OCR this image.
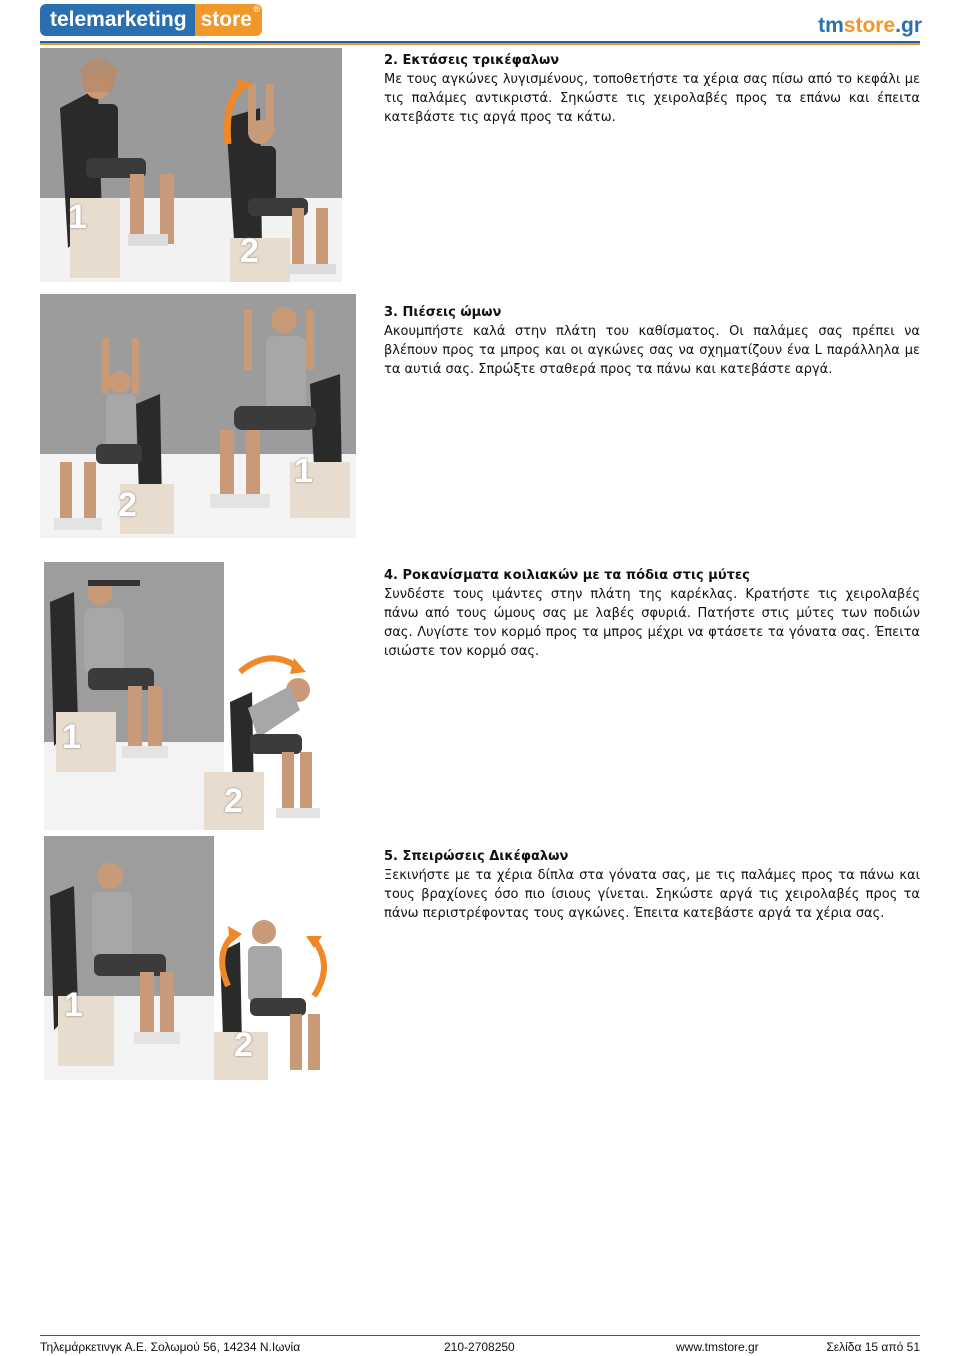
telemarketing store ®
tmstore.gr
1
2
2. Εκτάσεις τρικέφαλων
Με τους αγκώνες λυγισμένους, τοποθετήστε τα χέρια σας πίσω από το κεφάλι με τις παλάμες αντικριστά. Σηκώστε τις χειρολαβές προς τα επάνω και έπειτα κατεβάστε τις αργά προς τα κάτω.
1
2
3. Πιέσεις ώμων
Ακουμπήστε καλά στην πλάτη του καθίσματος. Οι παλάμες σας πρέπει να βλέπουν προς τα μπρος και οι αγκώνες σας να σχηματίζουν ένα L παράλληλα με τα αυτιά σας. Σπρώξτε σταθερά προς τα πάνω και κατεβάστε αργά.
1
2
4. Ροκανίσματα κοιλιακών με τα πόδια στις μύτες
Συνδέστε τους ιμάντες στην πλάτη της καρέκλας. Κρατήστε τις χειρολαβές πάνω από τους ώμους σας με λαβές σφυριά. Πατήστε στις μύτες των ποδιών σας. Λυγίστε τον κορμό προς τα μπρος μέχρι να φτάσετε τα γόνατα σας. Έπειτα ισιώστε τον κορμό σας.
1
2
5. Σπειρώσεις Δικέφαλων
Ξεκινήστε με τα χέρια δίπλα στα γόνατα σας, με τις παλάμες προς τα πάνω και τους βραχίονες όσο πιο ίσιους γίνεται. Σηκώστε αργά τις χειρολαβές προς τα πάνω περιστρέφοντας τους αγκώνες. Έπειτα κατεβάστε αργά τα χέρια σας.
Τηλεμάρκετινγκ Α.Ε. Σολωμού 56, 14234 Ν.Ιωνία	210-2708250	www.tmstore.gr	Σελίδα 15 από 51
